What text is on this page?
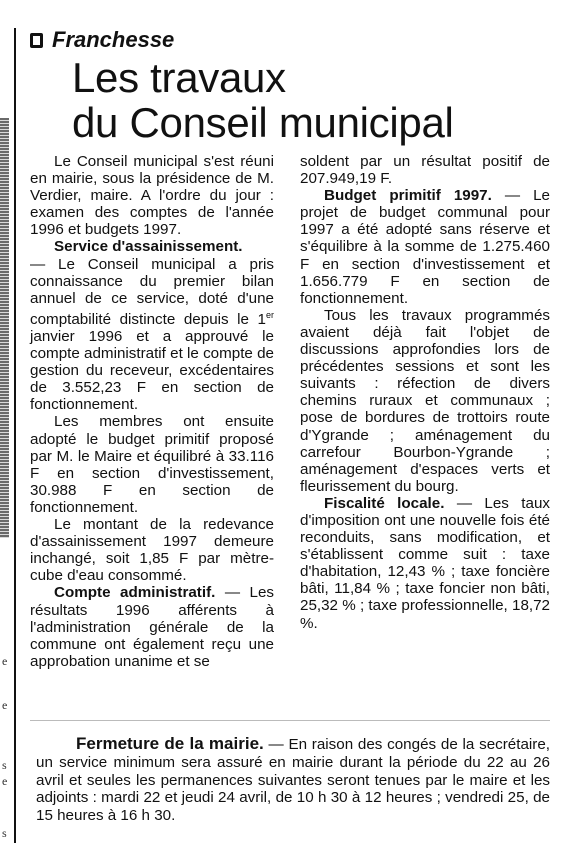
e
e
s
e
s
Franchesse
Les travaux
du Conseil municipal

Le Conseil municipal s'est réuni en mairie, sous la présidence de M. Verdier, maire. A l'ordre du jour : examen des comptes de l'année 1996 et budgets 1997.

Service d'assainissement.
— Le Conseil municipal a pris connaissance du premier bilan annuel de ce service, doté d'une comptabilité distincte depuis le 1er janvier 1996 et a approuvé le compte administratif et le compte de gestion du receveur, excédentaires de 3.552,23 F en section de fonctionnement.

Les membres ont ensuite adopté le budget primitif proposé par M. le Maire et équilibré à 33.116 F en section d'investissement, 30.988 F en section de fonctionnement.

Le montant de la redevance d'assainissement 1997 demeure inchangé, soit 1,85 F par mètre-cube d'eau consommé.

Compte administratif. — Les résultats 1996 afférents à l'administration générale de la commune ont également reçu une approbation unanime et se

soldent par un résultat positif de 207.949,19 F.

Budget primitif 1997. — Le projet de budget communal pour 1997 a été adopté sans réserve et s'équilibre à la somme de 1.275.460 F en section d'investissement et 1.656.779 F en section de fonctionnement.

Tous les travaux programmés avaient déjà fait l'objet de discussions approfondies lors de précédentes sessions et sont les suivants : réfection de divers chemins ruraux et communaux ; pose de bordures de trottoirs route d'Ygrande ; aménagement du carrefour Bourbon-Ygrande ; aménagement d'espaces verts et fleurissement du bourg.

Fiscalité locale. — Les taux d'imposition ont une nouvelle fois été reconduits, sans modification, et s'établissent comme suit : taxe d'habitation, 12,43 % ; taxe foncière bâti, 11,84 % ; taxe foncier non bâti, 25,32 % ; taxe professionnelle, 18,72 %.

Fermeture de la mairie. — En raison des congés de la secrétaire, un service minimum sera assuré en mairie durant la période du 22 au 26 avril et seules les permanences suivantes seront tenues par le maire et les adjoints : mardi 22 et jeudi 24 avril, de 10 h 30 à 12 heures ; vendredi 25, de 15 heures à 16 h 30.
